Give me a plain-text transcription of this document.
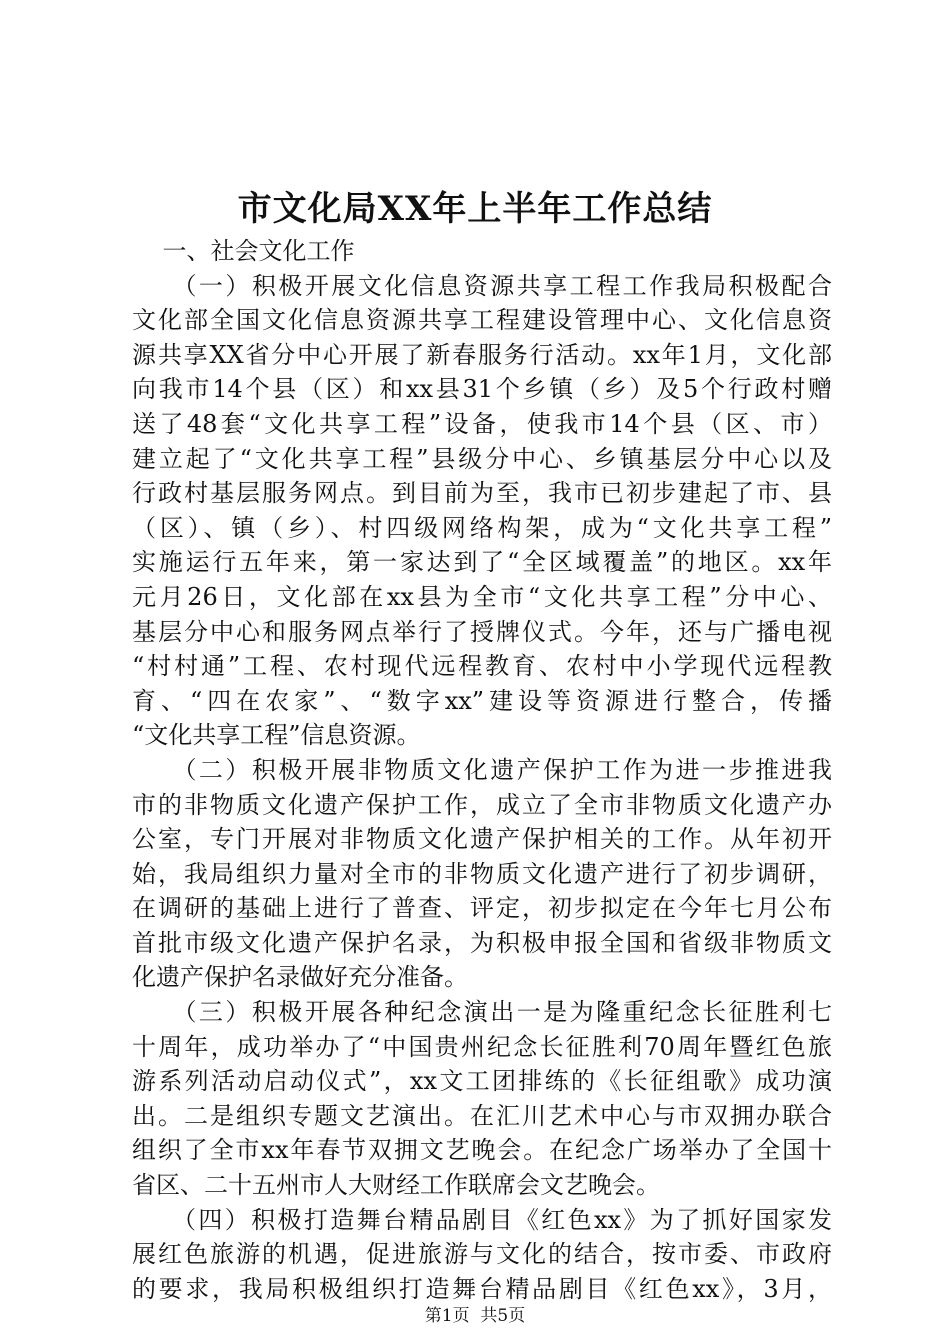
市文化局XX年上半年工作总结
一、社会文化工作
（一）积极开展文化信息资源共享工程工作我局积极配合
文化部全国文化信息资源共享工程建设管理中心、文化信息资
源共享XX省分中心开展了新春服务行活动。xx年1月，文化部
向我市14个县（区）和xx县31个乡镇（乡）及5个行政村赠
送了48套“文化共享工程”设备，使我市14个县（区、市）
建立起了“文化共享工程”县级分中心、乡镇基层分中心以及
行政村基层服务网点。到目前为至，我市已初步建起了市、县
（区）、镇（乡）、村四级网络构架，成为“文化共享工程”
实施运行五年来，第一家达到了“全区域覆盖”的地区。xx年
元月26日，文化部在xx县为全市“文化共享工程”分中心、
基层分中心和服务网点举行了授牌仪式。今年，还与广播电视
“村村通”工程、农村现代远程教育、农村中小学现代远程教
育、“四在农家”、“数字xx”建设等资源进行整合，传播
“文化共享工程”信息资源。
（二）积极开展非物质文化遗产保护工作为进一步推进我
市的非物质文化遗产保护工作，成立了全市非物质文化遗产办
公室，专门开展对非物质文化遗产保护相关的工作。从年初开
始，我局组织力量对全市的非物质文化遗产进行了初步调研，
在调研的基础上进行了普查、评定，初步拟定在今年七月公布
首批市级文化遗产保护名录，为积极申报全国和省级非物质文
化遗产保护名录做好充分准备。
（三）积极开展各种纪念演出一是为隆重纪念长征胜利七
十周年，成功举办了“中国贵州纪念长征胜利70周年暨红色旅
游系列活动启动仪式”，xx文工团排练的《长征组歌》成功演
出。二是组织专题文艺演出。在汇川艺术中心与市双拥办联合
组织了全市xx年春节双拥文艺晚会。在纪念广场举办了全国十
省区、二十五州市人大财经工作联席会文艺晚会。
（四）积极打造舞台精品剧目《红色xx》为了抓好国家发
展红色旅游的机遇，促进旅游与文化的结合，按市委、市政府
的要求，我局积极组织打造舞台精品剧目《红色xx》，3月，
第1页  共5页
